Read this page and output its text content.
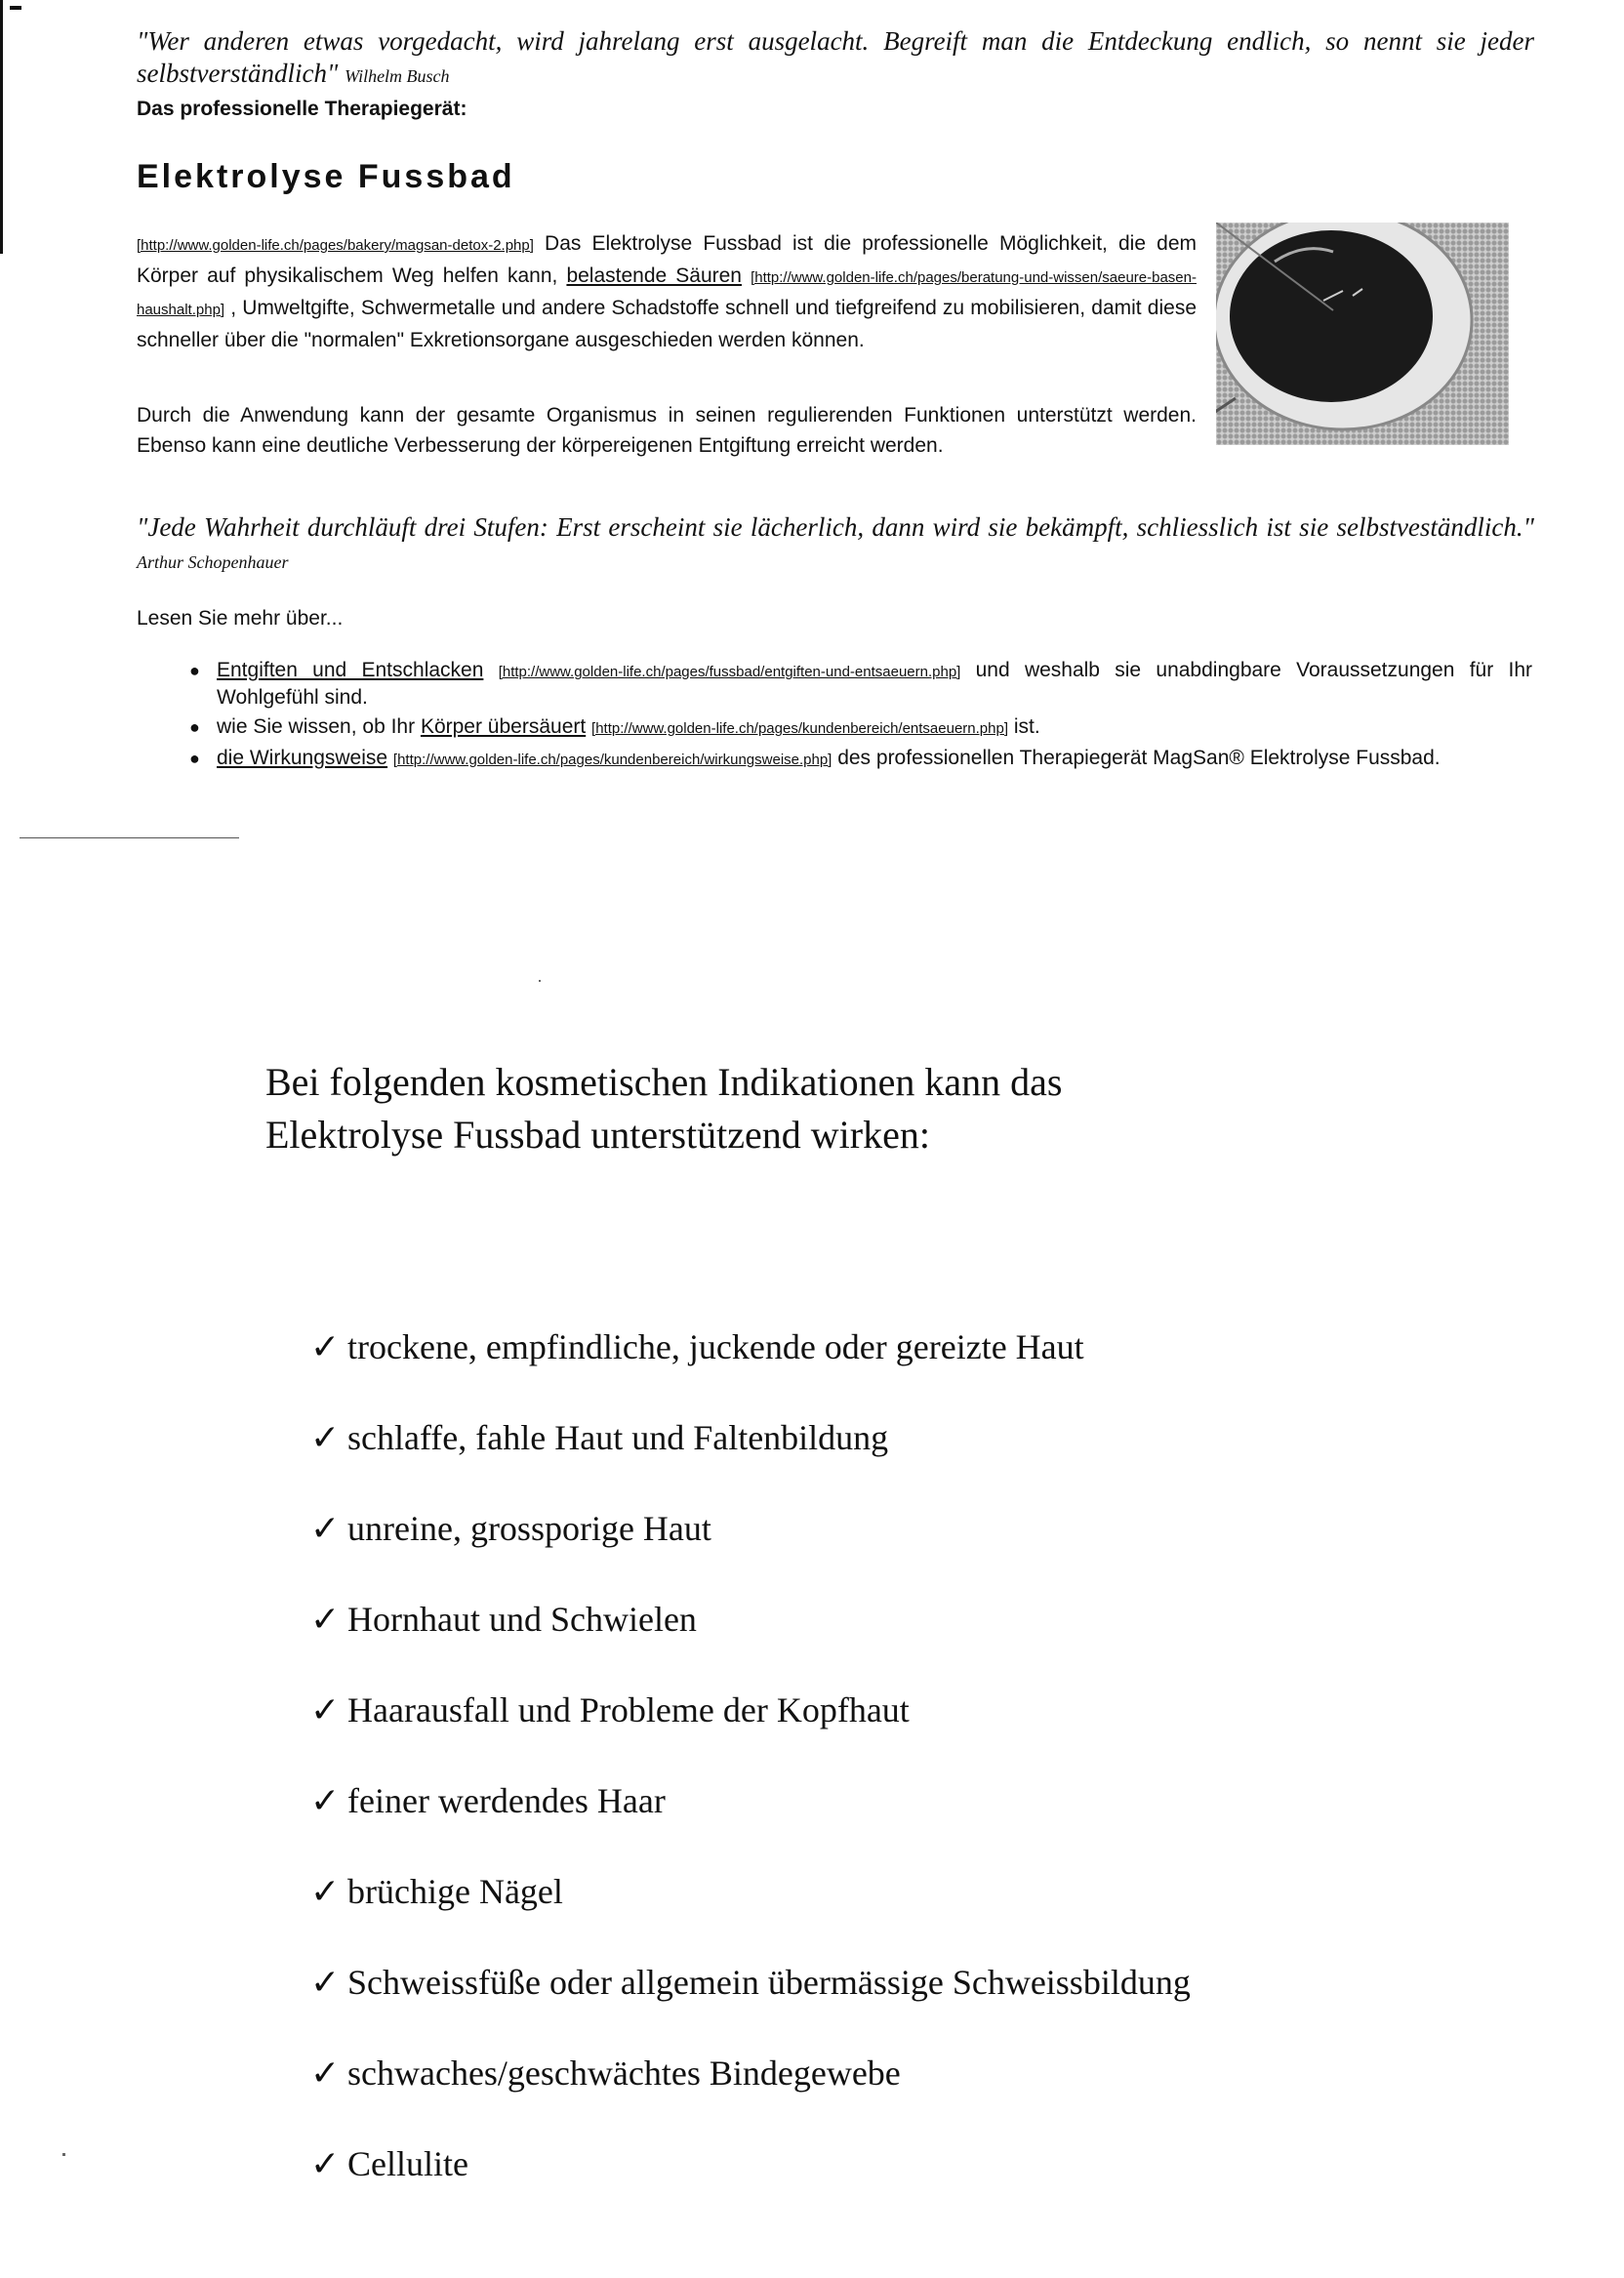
"Wer anderen etwas vorgedacht, wird jahrelang erst ausgelacht. Begreift man die Entdeckung endlich, so nennt sie jeder selbstverständlich" Wilhelm Busch
Das professionelle Therapiegerät:
Elektrolyse Fussbad
[http://www.golden-life.ch/pages/bakery/magsan-detox-2.php] Das Elektrolyse Fussbad ist die professionelle Möglichkeit, die dem Körper auf physikalischem Weg helfen kann, belastende Säuren [http://www.golden-life.ch/pages/beratung-und-wissen/saeure-basen-haushalt.php] , Umweltgifte, Schwermetalle und andere Schadstoffe schnell und tiefgreifend zu mobilisieren, damit diese schneller über die "normalen" Exkretionsorgane ausgeschieden werden können.
Durch die Anwendung kann der gesamte Organismus in seinen regulierenden Funktionen unterstützt werden. Ebenso kann eine deutliche Verbesserung der körpereigenen Entgiftung erreicht werden.
"Jede Wahrheit durchläuft drei Stufen: Erst erscheint sie lächerlich, dann wird sie bekämpft, schliesslich ist sie selbstveständlich." Arthur Schopenhauer
Lesen Sie mehr über...
● Entgiften und Entschlacken [http://www.golden-life.ch/pages/fussbad/entgiften-und-entsaeuern.php] und weshalb sie unabdingbare Voraussetzungen für Ihr Wohlgefühl sind.
● wie Sie wissen, ob Ihr Körper übersäuert [http://www.golden-life.ch/pages/kundenbereich/entsaeuern.php] ist.
● die Wirkungsweise [http://www.golden-life.ch/pages/kundenbereich/wirkungsweise.php] des professionellen Therapiegerät MagSan® Elektrolyse Fussbad.
Bei folgenden kosmetischen Indikationen kann das Elektrolyse Fussbad unterstützend wirken:
✓ trockene, empfindliche, juckende oder gereizte Haut
✓ schlaffe, fahle Haut und Faltenbildung
✓ unreine, grossporige Haut
✓ Hornhaut und Schwielen
✓ Haarausfall und Probleme der Kopfhaut
✓ feiner werdendes Haar
✓ brüchige Nägel
✓ Schweissfüße oder allgemein übermässige Schweissbildung
✓ schwaches/geschwächtes Bindegewebe
✓ Cellulite
